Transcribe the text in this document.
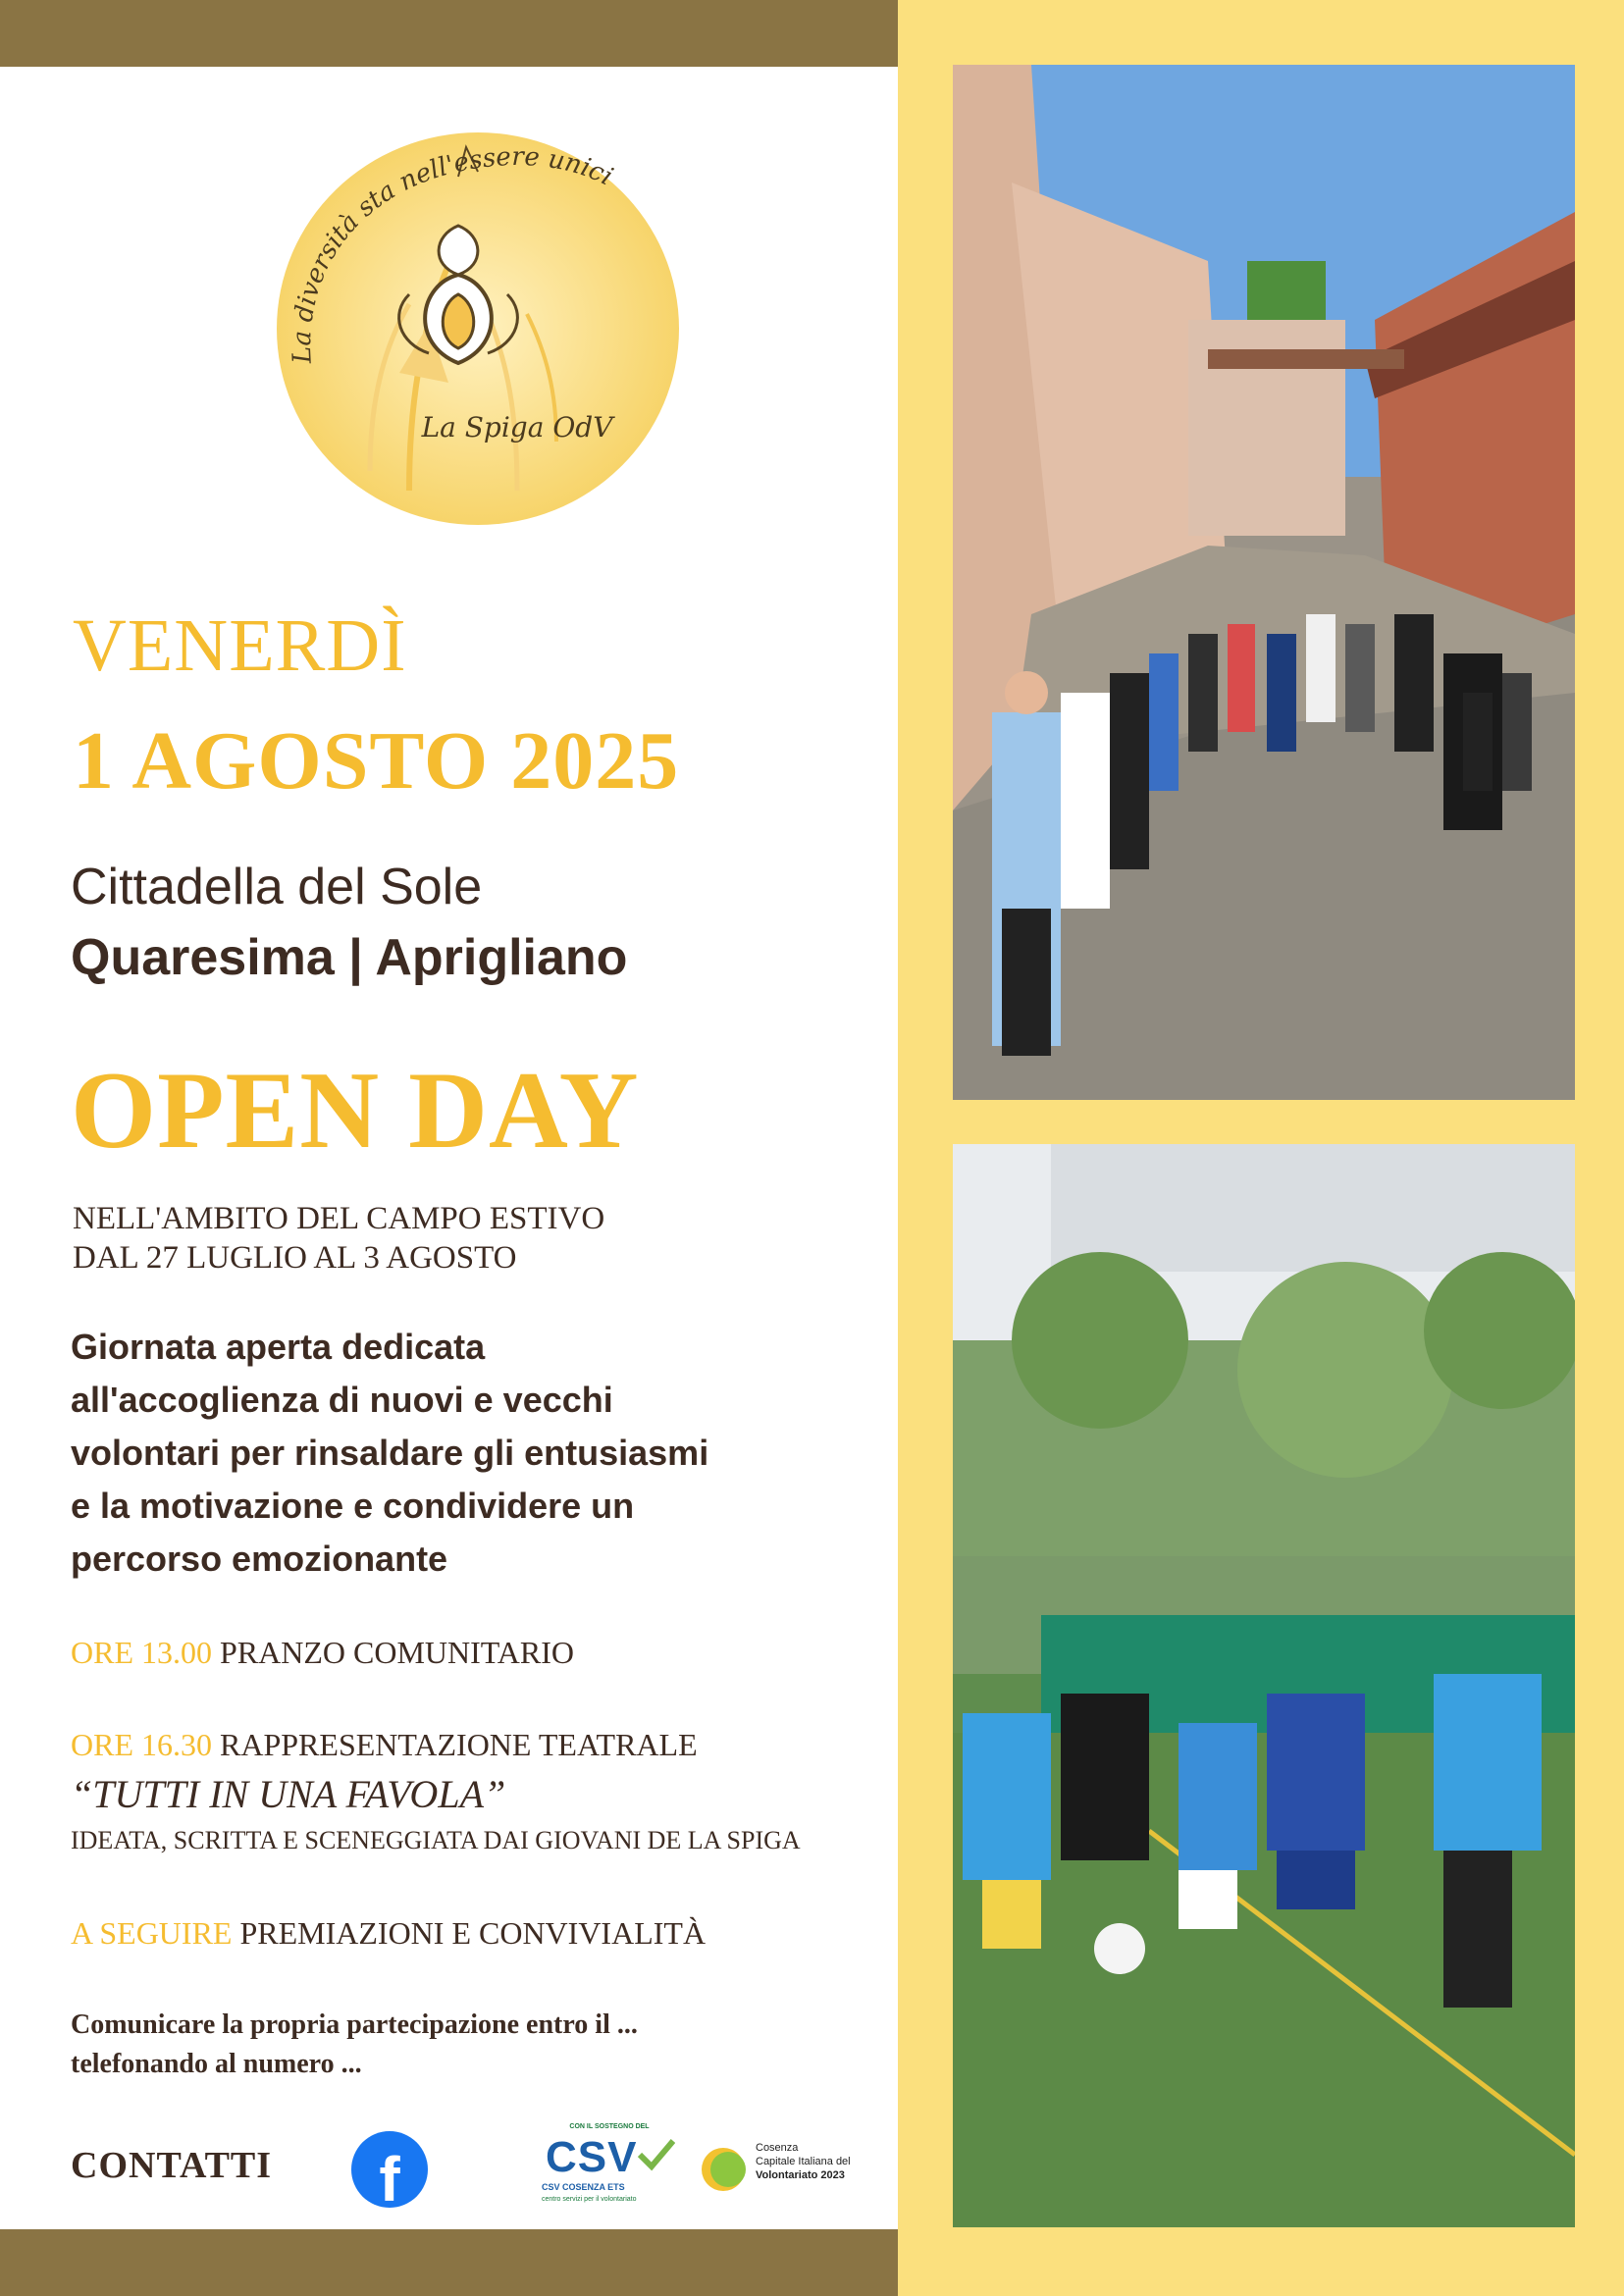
La diversità sta nell'essere unici
La Spiga OdV
VENERDÌ
1 AGOSTO 2025
Cittadella del Sole
Quaresima | Aprigliano
OPEN DAY
NELL'AMBITO DEL CAMPO ESTIVO
DAL 27 LUGLIO AL 3 AGOSTO
Giornata aperta dedicata
all'accoglienza di nuovi e vecchi
volontari per rinsaldare gli entusiasmi
e la motivazione e condividere un
percorso emozionante
ORE 13.00 PRANZO COMUNITARIO
ORE 16.30 RAPPRESENTAZIONE TEATRALE
“TUTTI IN UNA FAVOLA”
IDEATA, SCRITTA E SCENEGGIATA DAI GIOVANI DE LA SPIGA
A SEGUIRE PREMIAZIONI E CONVIVIALITÀ
Comunicare la propria partecipazione entro il ...
telefonando al numero ...
CONTATTI	f
CON IL SOSTEGNO DEL
CSV
CSV COSENZA ETS
centro servizi per il volontariato
Cosenza
Capitale Italiana del
Volontariato 2023
